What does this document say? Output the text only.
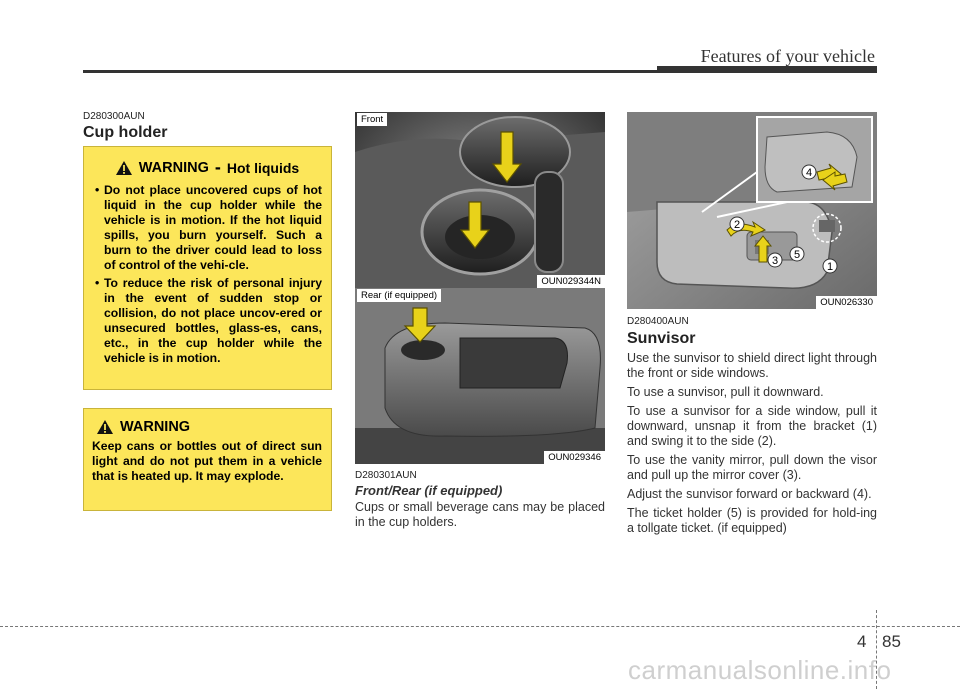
Features of your vehicle
D280300AUN
Cup holder
WARNING - Hot liquids
• Do not place uncovered cups of hot liquid in the cup holder while the vehicle is in motion. If the hot liquid spills, you burn yourself. Such a burn to the driver could lead to loss of control of the vehi-cle.
• To reduce the risk of personal injury in the event of sudden stop or collision, do not place uncov-ered or unsecured bottles, glass-es, cans, etc., in the cup holder while the vehicle is in motion.
WARNING

Keep cans or bottles out of direct sun light and do not put them in a vehicle that is heated up. It may explode.

Front
OUN029344N
Rear (if equipped)
OUN029346
D280301AUN
Front/Rear (if equipped)
Cups or small beverage cans may be placed in the cup holders.
1
2
3
4
5
OUN026330
D280400AUN
Sunvisor
Use the sunvisor to shield direct light through the front or side windows.
To use a sunvisor, pull it downward.
To use a sunvisor for a side window, pull it downward, unsnap it from the bracket (1) and swing it to the side (2).
To use the vanity mirror, pull down the visor and pull up the mirror cover (3).
Adjust the sunvisor forward or backward (4).
The ticket holder (5) is provided for hold-ing a tollgate ticket. (if equipped)
4 85
carmanualsonline.info
